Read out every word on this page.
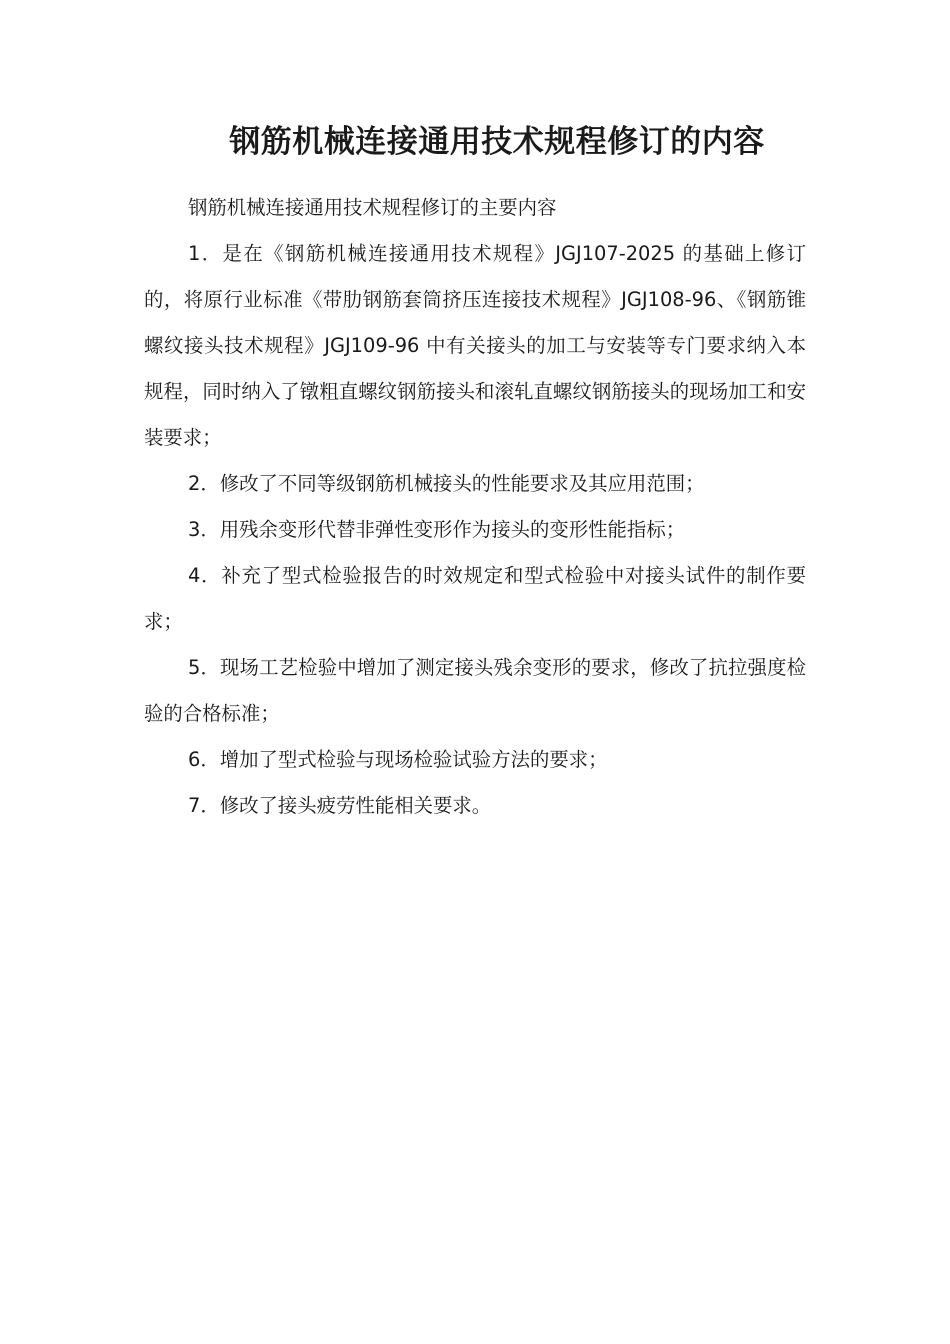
钢筋机械连接通用技术规程修订的内容

钢筋机械连接通用技术规程修订的主要内容

1．是在《钢筋机械连接通用技术规程》JGJ107-2025 的基础上修订的，将原行业标准《带肋钢筋套筒挤压连接技术规程》JGJ108-96、《钢筋锥螺纹接头技术规程》JGJ109-96 中有关接头的加工与安装等专门要求纳入本规程，同时纳入了镦粗直螺纹钢筋接头和滚轧直螺纹钢筋接头的现场加工和安装要求；

2．修改了不同等级钢筋机械接头的性能要求及其应用范围；

3．用残余变形代替非弹性变形作为接头的变形性能指标；

4．补充了型式检验报告的时效规定和型式检验中对接头试件的制作要求；

5．现场工艺检验中增加了测定接头残余变形的要求，修改了抗拉强度检验的合格标准；

6．增加了型式检验与现场检验试验方法的要求；

7．修改了接头疲劳性能相关要求。
